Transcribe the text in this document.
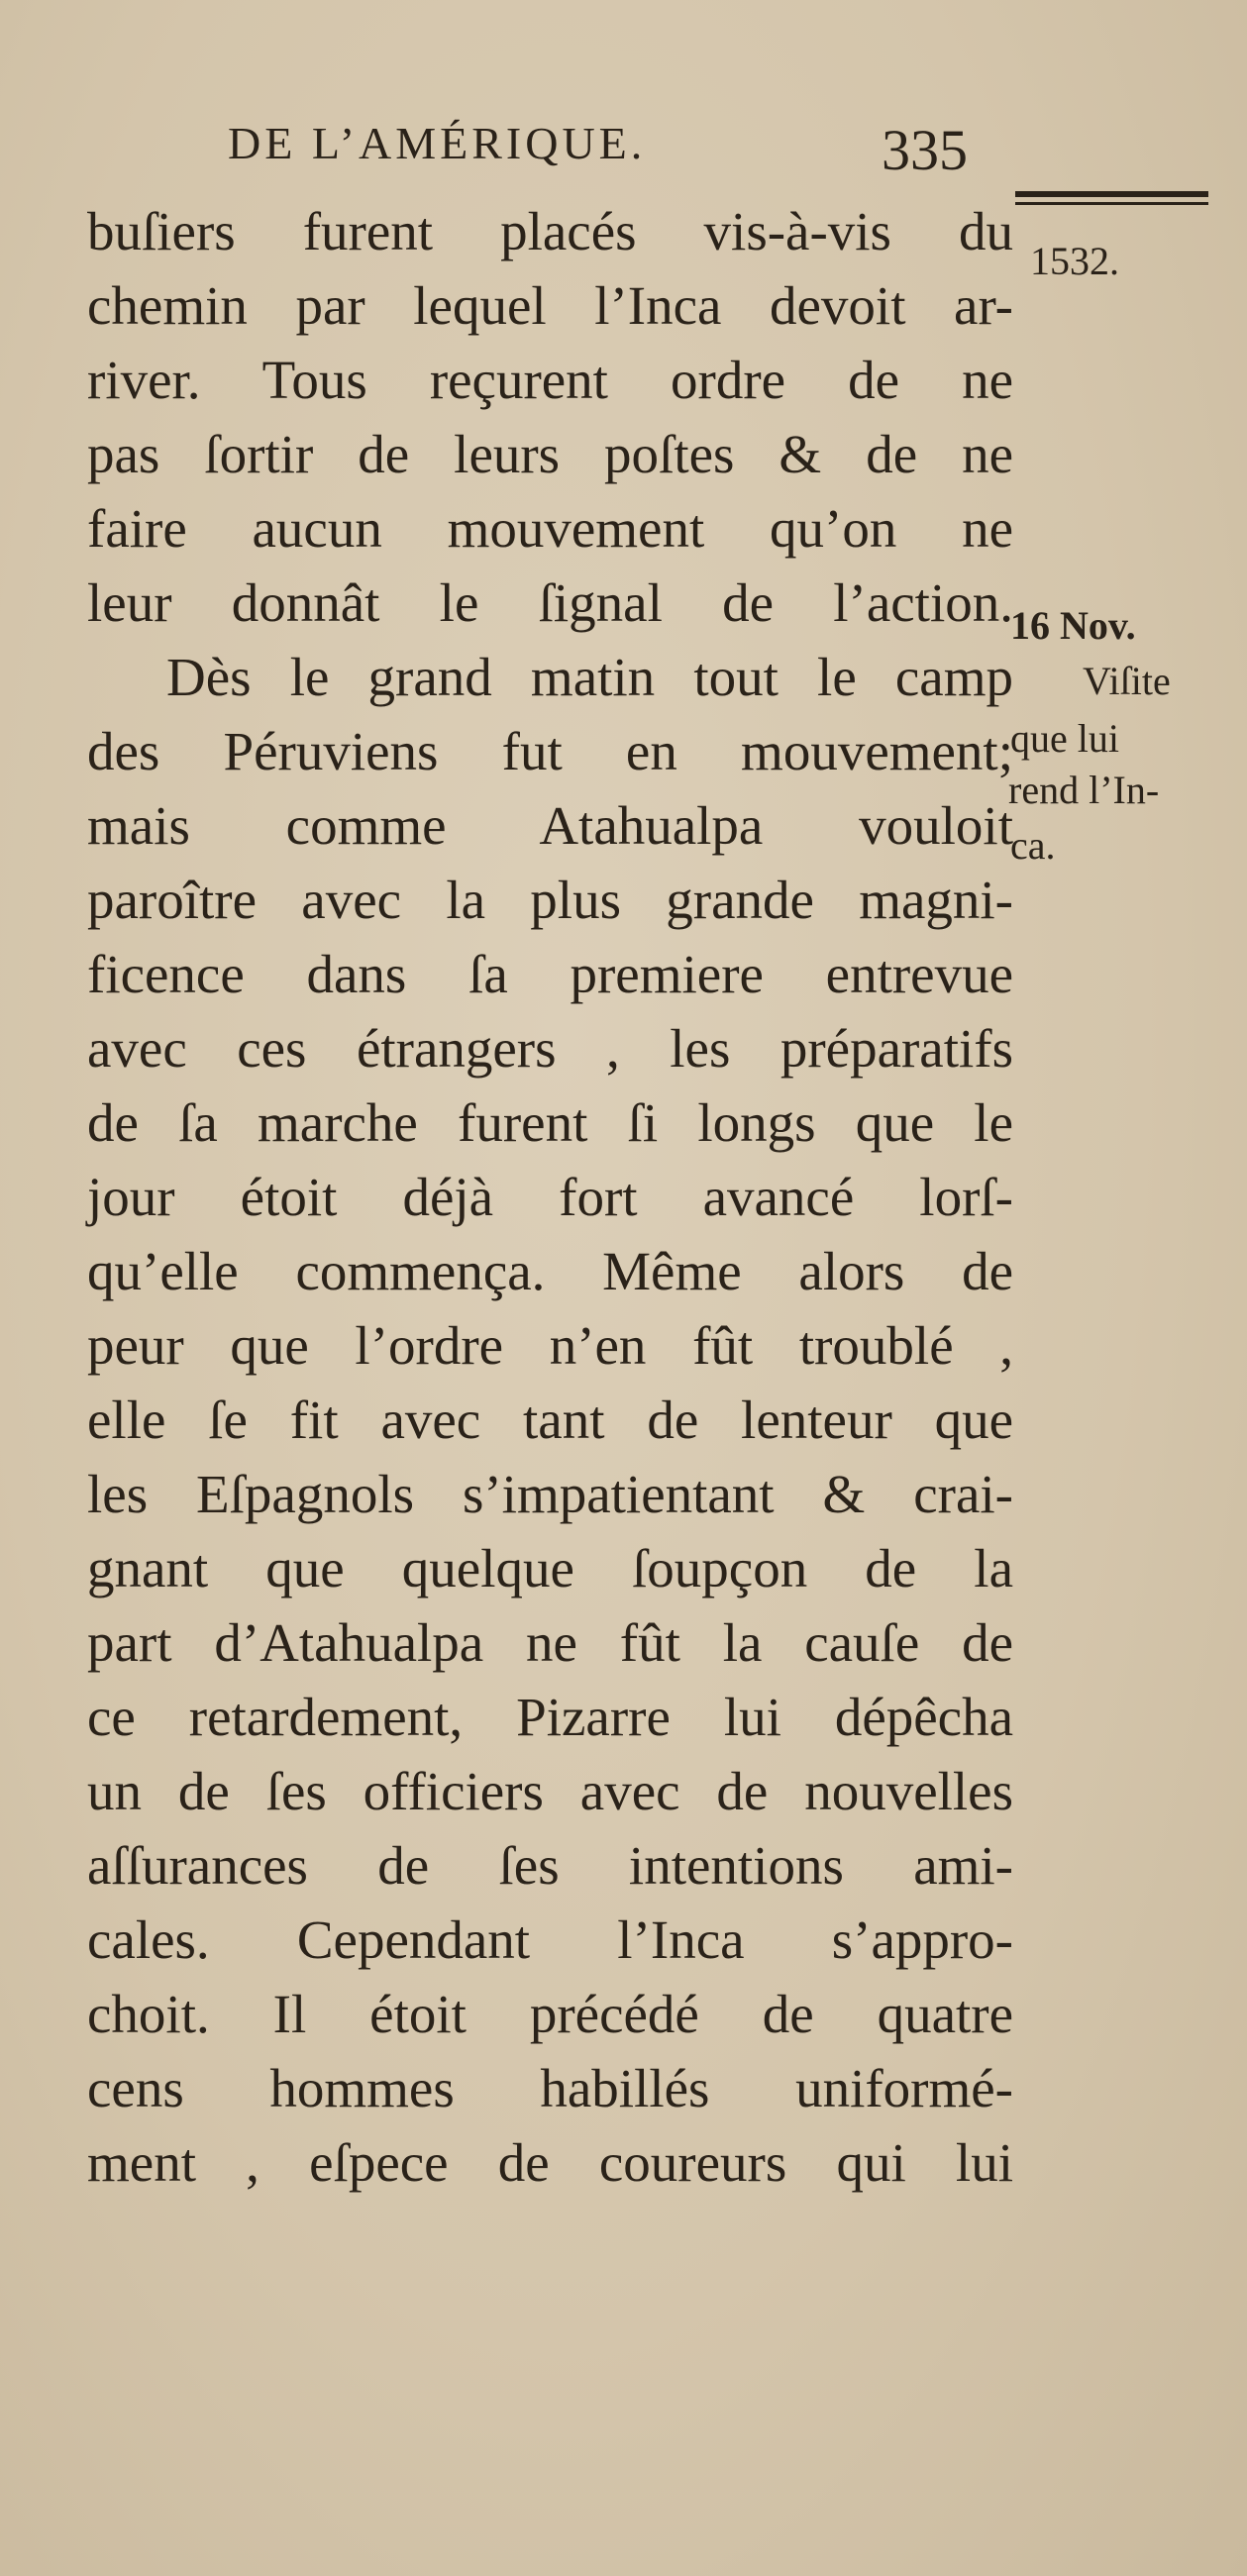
DE L’AMÉRIQUE.	335
buſiers furent placés vis-à-vis du
chemin par lequel l’Inca devoit ar-
river. Tous reçurent ordre de ne
pas ſortir de leurs poſtes & de ne
faire aucun mouvement qu’on ne
leur donnât le ſignal de l’action.
Dès le grand matin tout le camp
des Péruviens fut en mouvement;
mais comme Atahualpa vouloit
paroître avec la plus grande magni-
ficence dans ſa premiere entrevue
avec ces étrangers , les préparatifs
de ſa marche furent ſi longs que le
jour étoit déjà fort avancé lorſ-
qu’elle commença. Même alors de
peur que l’ordre n’en fût troublé ,
elle ſe fit avec tant de lenteur que
les Eſpagnols s’impatientant & crai-
gnant que quelque ſoupçon de la
part d’Atahualpa ne fût la cauſe de
ce retardement, Pizarre lui dépêcha
un de ſes officiers avec de nouvelles
aſſurances de ſes intentions ami-
cales. Cependant l’Inca s’appro-
choit. Il étoit précédé de quatre
cens hommes habillés uniformé-
ment , eſpece de coureurs qui lui
1532.
16 Nov.
Viſite
que lui
rend l’In-
ca.
